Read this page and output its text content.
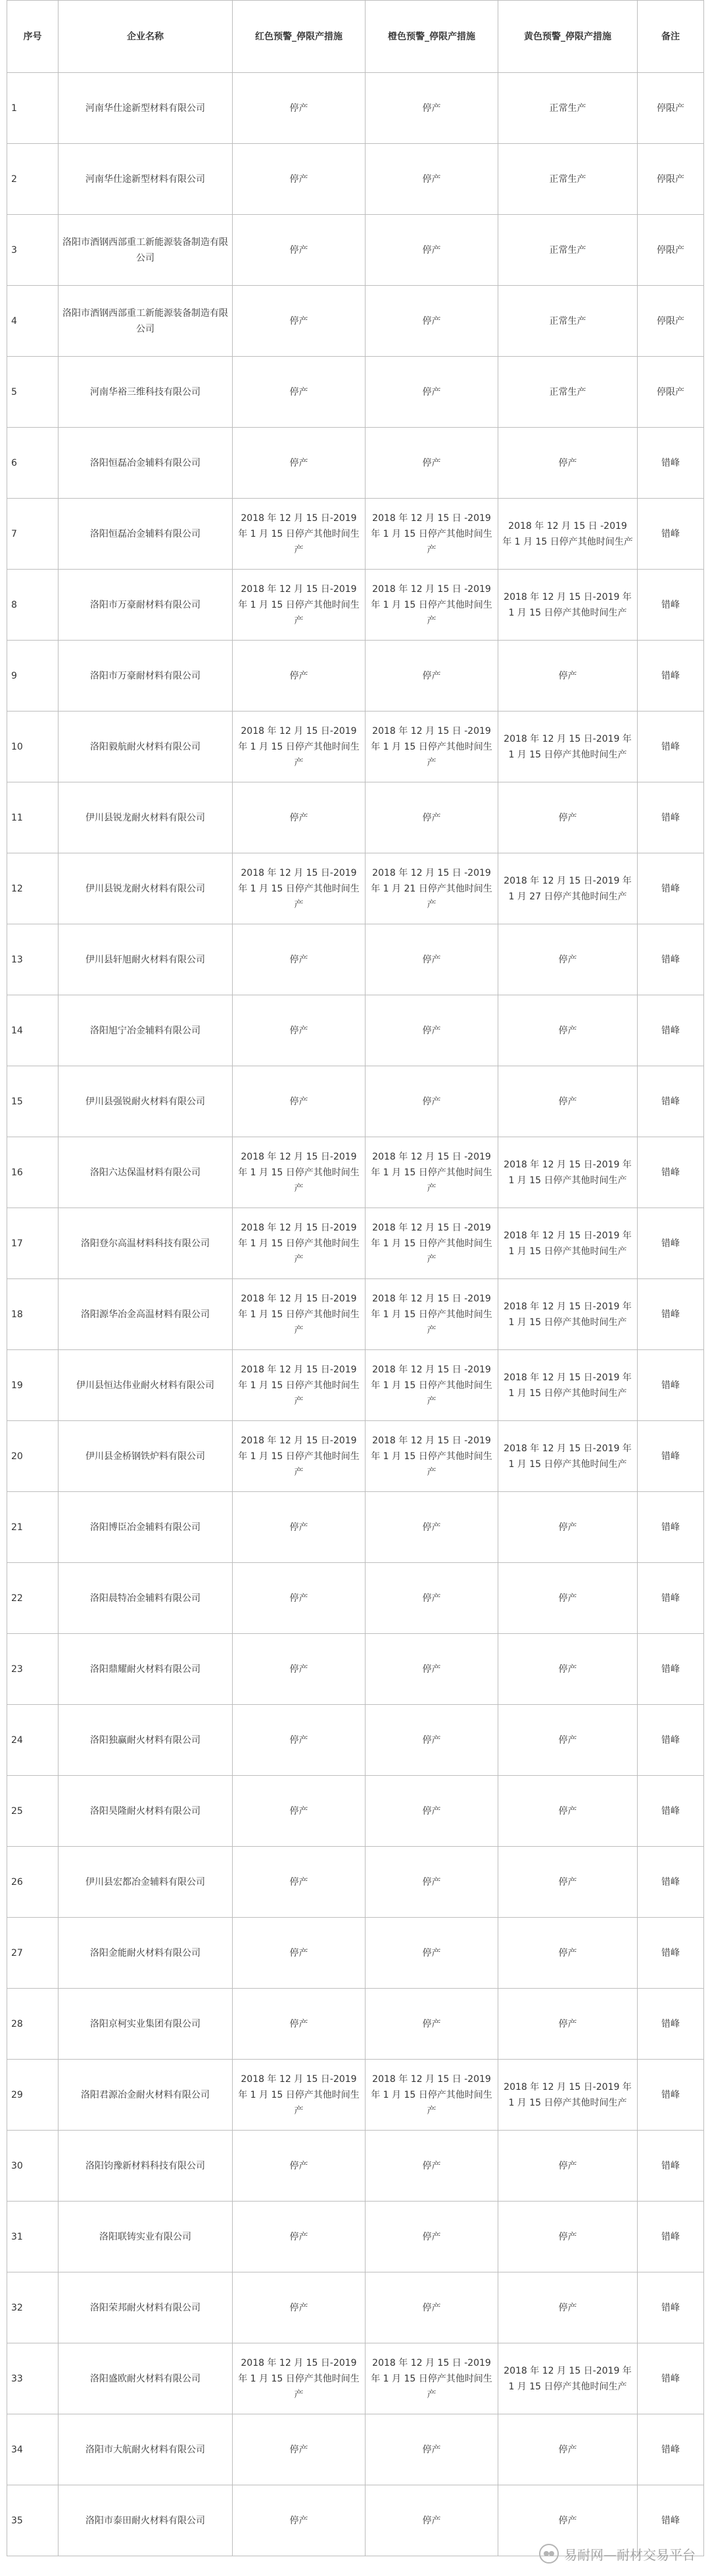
序号	企业名称	红色预警_停限产措施	橙色预警_停限产措施	黄色预警_停限产措施	备注
1	河南华仕途新型材料有限公司	停产	停产	正常生产	停限产
2	河南华仕途新型材料有限公司	停产	停产	正常生产	停限产
3	洛阳市酒钢西部重工新能源装备制造有限公司	停产	停产	正常生产	停限产
4	洛阳市酒钢西部重工新能源装备制造有限公司	停产	停产	正常生产	停限产
5	河南华裕三维科技有限公司	停产	停产	正常生产	停限产
6	洛阳恒磊冶金辅料有限公司	停产	停产	停产	错峰
7	洛阳恒磊冶金辅料有限公司	2018 年 12 月 15 日-2019 年 1 月 15 日停产其他时间生产	2018 年 12 月 15 日 -2019 年 1 月 15 日停产其他时间生产	2018 年 12 月 15 日 -2019 年 1 月 15 日停产其他时间生产	错峰
8	洛阳市万豪耐材料有限公司	2018 年 12 月 15 日-2019 年 1 月 15 日停产其他时间生产	2018 年 12 月 15 日 -2019 年 1 月 15 日停产其他时间生产	2018 年 12 月 15 日-2019 年 1 月 15 日停产其他时间生产	错峰
9	洛阳市万豪耐材料有限公司	停产	停产	停产	错峰
10	洛阳毅航耐火材料有限公司	2018 年 12 月 15 日-2019 年 1 月 15 日停产其他时间生产	2018 年 12 月 15 日 -2019 年 1 月 15 日停产其他时间生产	2018 年 12 月 15 日-2019 年 1 月 15 日停产其他时间生产	错峰
11	伊川县锐龙耐火材料有限公司	停产	停产	停产	错峰
12	伊川县锐龙耐火材料有限公司	2018 年 12 月 15 日-2019 年 1 月 15 日停产其他时间生产	2018 年 12 月 15 日 -2019 年 1 月 21 日停产其他时间生产	2018 年 12 月 15 日-2019 年 1 月 27 日停产其他时间生产	错峰
13	伊川县轩旭耐火材料有限公司	停产	停产	停产	错峰
14	洛阳旭宁冶金辅料有限公司	停产	停产	停产	错峰
15	伊川县强锐耐火材料有限公司	停产	停产	停产	错峰
16	洛阳六达保温材料有限公司	2018 年 12 月 15 日-2019 年 1 月 15 日停产其他时间生产	2018 年 12 月 15 日 -2019 年 1 月 15 日停产其他时间生产	2018 年 12 月 15 日-2019 年 1 月 15 日停产其他时间生产	错峰
17	洛阳登尔高温材料科技有限公司	2018 年 12 月 15 日-2019 年 1 月 15 日停产其他时间生产	2018 年 12 月 15 日 -2019 年 1 月 15 日停产其他时间生产	2018 年 12 月 15 日-2019 年 1 月 15 日停产其他时间生产	错峰
18	洛阳源华冶金高温材料有限公司	2018 年 12 月 15 日-2019 年 1 月 15 日停产其他时间生产	2018 年 12 月 15 日 -2019 年 1 月 15 日停产其他时间生产	2018 年 12 月 15 日-2019 年 1 月 15 日停产其他时间生产	错峰
19	伊川县恒达伟业耐火材料有限公司	2018 年 12 月 15 日-2019 年 1 月 15 日停产其他时间生产	2018 年 12 月 15 日 -2019 年 1 月 15 日停产其他时间生产	2018 年 12 月 15 日-2019 年 1 月 15 日停产其他时间生产	错峰
20	伊川县金桥钢铁炉料有限公司	2018 年 12 月 15 日-2019 年 1 月 15 日停产其他时间生产	2018 年 12 月 15 日 -2019 年 1 月 15 日停产其他时间生产	2018 年 12 月 15 日-2019 年 1 月 15 日停产其他时间生产	错峰
21	洛阳博臣冶金辅料有限公司	停产	停产	停产	错峰
22	洛阳晨特冶金辅料有限公司	停产	停产	停产	错峰
23	洛阳鼎耀耐火材料有限公司	停产	停产	停产	错峰
24	洛阳独赢耐火材料有限公司	停产	停产	停产	错峰
25	洛阳昊隆耐火材料有限公司	停产	停产	停产	错峰
26	伊川县宏都冶金辅料有限公司	停产	停产	停产	错峰
27	洛阳金能耐火材料有限公司	停产	停产	停产	错峰
28	洛阳京柯实业集团有限公司	停产	停产	停产	错峰
29	洛阳君源冶金耐火材料有限公司	2018 年 12 月 15 日-2019 年 1 月 15 日停产其他时间生产	2018 年 12 月 15 日 -2019 年 1 月 15 日停产其他时间生产	2018 年 12 月 15 日-2019 年 1 月 15 日停产其他时间生产	错峰
30	洛阳钧豫新材料科技有限公司	停产	停产	停产	错峰
31	洛阳联铸实业有限公司	停产	停产	停产	错峰
32	洛阳荣邦耐火材料有限公司	停产	停产	停产	错峰
33	洛阳盛欧耐火材料有限公司	2018 年 12 月 15 日-2019 年 1 月 15 日停产其他时间生产	2018 年 12 月 15 日 -2019 年 1 月 15 日停产其他时间生产	2018 年 12 月 15 日-2019 年 1 月 15 日停产其他时间生产	错峰
34	洛阳市大航耐火材料有限公司	停产	停产	停产	错峰
35	洛阳市泰田耐火材料有限公司	停产	停产	停产	错峰
易耐网—耐材交易平台
